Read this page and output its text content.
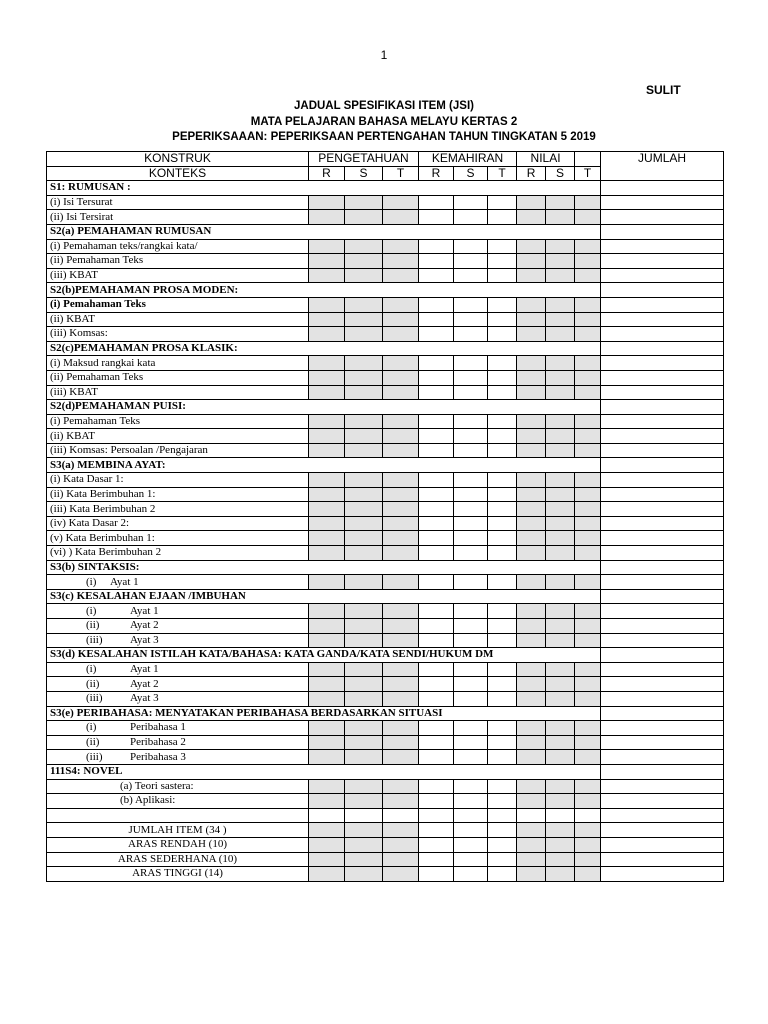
1
SULIT
JADUAL SPESIFIKASI ITEM (JSI)
MATA PELAJARAN BAHASA MELAYU KERTAS 2
PEPERIKSAAAN: PEPERIKSAAN PERTENGAHAN TAHUN TINGKATAN 5 2019
KONSTRUK	PENGETAHUAN			KEMAHIRAN			NILAI			JUMLAH
KONTEKS	R	S	T	R	S	T	R	S	T	
S1: RUMUSAN :										
(i) Isi Tersurat										
(ii) Isi Tersirat										
S2(a) PEMAHAMAN RUMUSAN										
(i) Pemahaman teks/rangkai kata/										
(ii) Pemahaman Teks										
(iii) KBAT										
S2(b)PEMAHAMAN PROSA MODEN:										
(i) Pemahaman Teks										
(ii) KBAT										
(iii) Komsas:										
S2(c)PEMAHAMAN PROSA KLASIK:										
(i) Maksud rangkai kata										
(ii) Pemahaman Teks										
(iii) KBAT										
S2(d)PEMAHAMAN PUISI:										
(i) Pemahaman Teks										
(ii) KBAT										
(iii) Komsas: Persoalan /Pengajaran										
S3(a) MEMBINA AYAT:										
(i) Kata Dasar 1:										
(ii) Kata Berimbuhan 1:										
(iii) Kata Berimbuhan 2										
(iv) Kata Dasar 2:										
(v) Kata Berimbuhan 1:										
(vi) ) Kata Berimbuhan 2										
S3(b) SINTAKSIS:										
(i) Ayat 1										
S3(c) KESALAHAN EJAAN /IMBUHAN										
(i) Ayat 1										
(ii) Ayat 2										
(iii) Ayat 3										
S3(d) KESALAHAN ISTILAH KATA/BAHASA: KATA GANDA/KATA SENDI/HUKUM DM										
(i) Ayat 1										
(ii) Ayat 2										
(iii) Ayat 3										
S3(e) PERIBAHASA: MENYATAKAN PERIBAHASA BERDASARKAN SITUASI										
(i) Peribahasa 1										
(ii) Peribahasa 2										
(iii) Peribahasa 3										
111S4: NOVEL										
(a) Teori sastera:										
(b) Aplikasi:										

JUMLAH ITEM (34 )										
ARAS RENDAH (10)										
ARAS SEDERHANA (10)										
ARAS TINGGI (14)										
